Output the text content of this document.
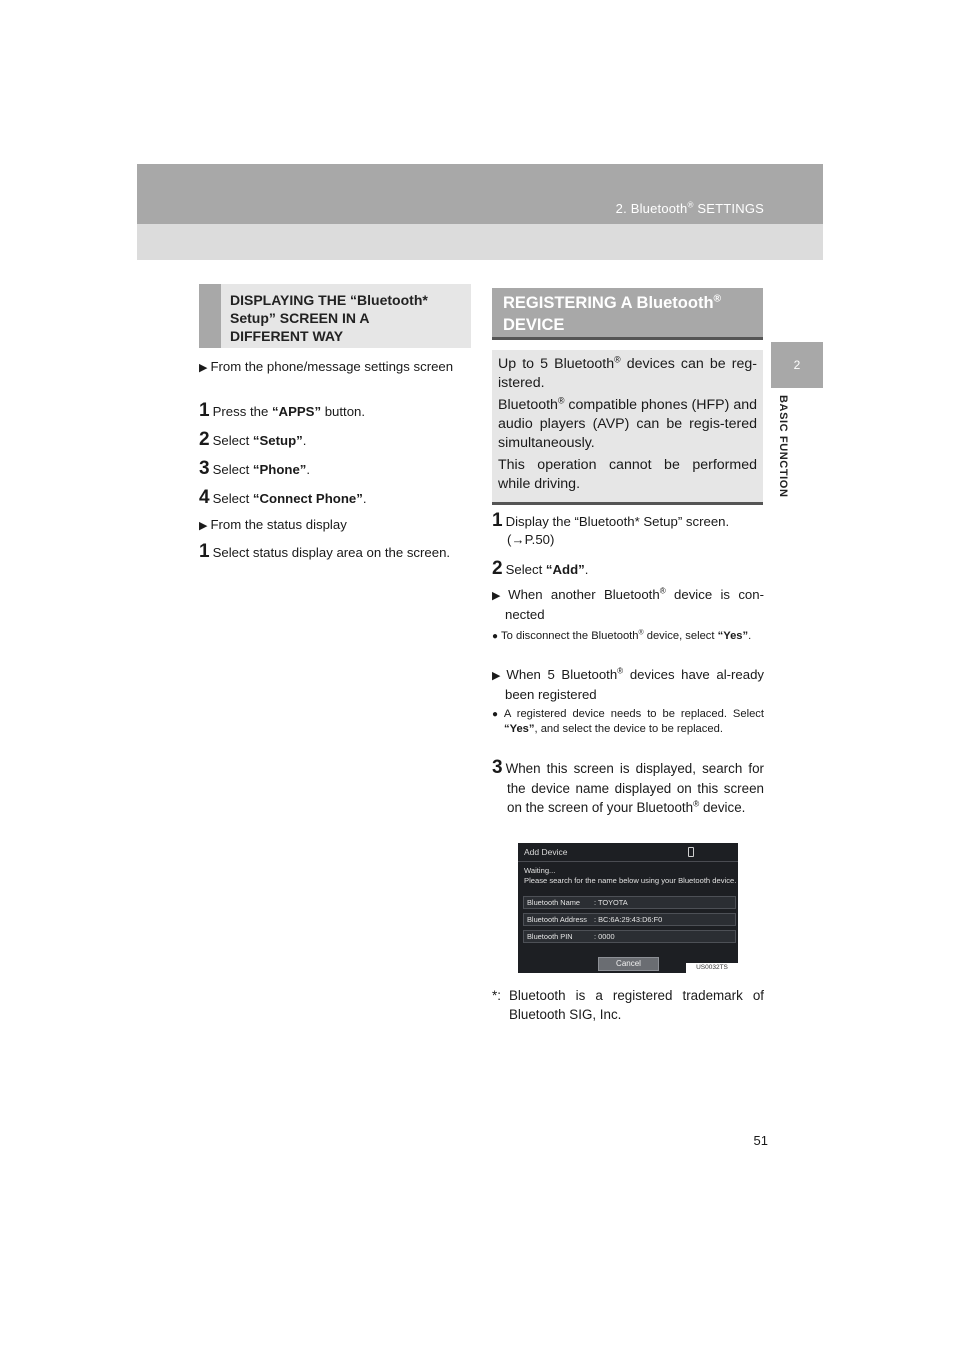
2. Bluetooth® SETTINGS
2
BASIC FUNCTION
DISPLAYING THE “Bluetooth*
Setup” SCREEN IN A
DIFFERENT WAY
▶ From the phone/message settings screen
1 Press the “APPS” button.
2 Select “Setup”.
3 Select “Phone”.
4 Select “Connect Phone”.
▶ From the status display
1 Select status display area on the screen.
REGISTERING A Bluetooth®
DEVICE

Up to 5 Bluetooth® devices can be reg-istered.

Bluetooth® compatible phones (HFP) and audio players (AVP) can be regis-tered simultaneously.

This operation cannot be performed while driving.

1 Display the “Bluetooth* Setup” screen.
(→P.50)
2 Select “Add”.
▶ When another Bluetooth® device is con-nected
● To disconnect the Bluetooth® device, select “Yes”.
▶ When 5 Bluetooth® devices have al-ready been registered
● A registered device needs to be replaced. Select “Yes”, and select the device to be replaced.
3 When this screen is displayed, search for the device name displayed on this screen on the screen of your Bluetooth® device.
Add Device
Waiting...
Please search for the name below using your Bluetooth device.
Bluetooth Name : TOYOTA
Bluetooth Address : BC:6A:29:43:D6:F0
Bluetooth PIN	: 0000
Cancel	US0032TS
*: Bluetooth is a registered trademark of Bluetooth SIG, Inc.
51
